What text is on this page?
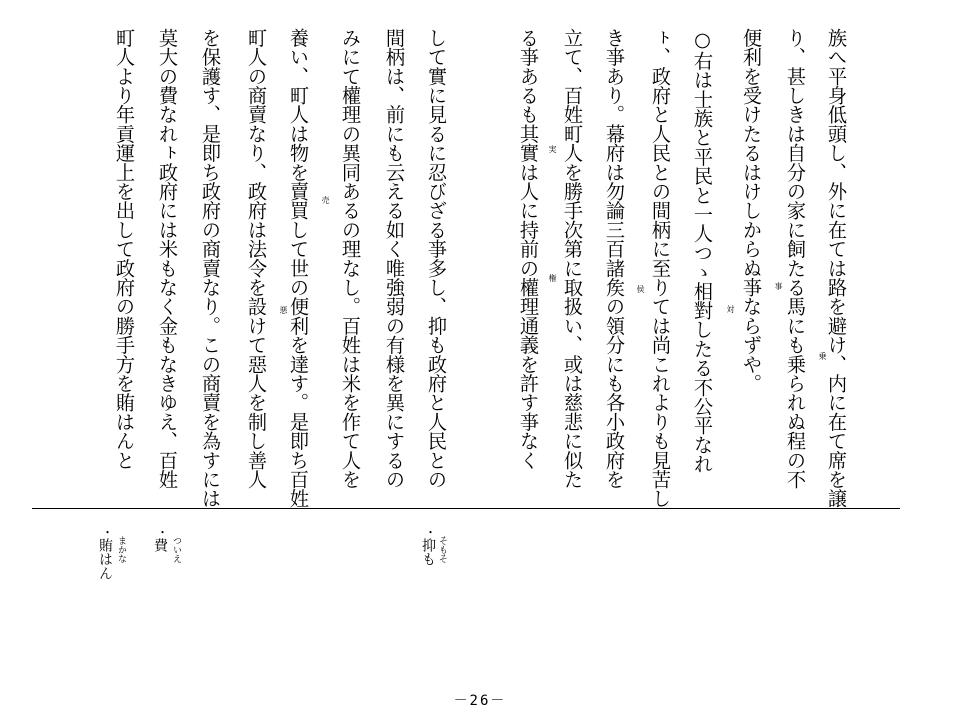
族へ平身低頭し、外に在ては路を避け、内に在て席を譲
り、甚しきは自分の家に飼たる馬にも乗られぬ程の不
便利を受けたるはけしからぬ亊ならずや。
○右は士族と平民と一人つゝ相對したる不公平なれ
ㇳ、政府と人民との間柄に至りては尚これよりも見苦し
き亊あり。幕府は勿論三百諸矦の領分にも各小政府を
立て、百姓町人を勝手次第に取扱い、或は慈悲に似た
る亊あるも其實は人に持前の權理通義を許す亊なく
して實に見るに忍びざる亊多し、抑も政府と人民との
間柄は、前にも云える如く唯強弱の有様を異にするの
みにて權理の異同あるの理なし。百姓は米を作て人を
養い、町人は物を賣買して世の便利を達す。是即ち百姓
町人の商賣なり、政府は法令を設けて惡人を制し善人
を保護す、是即ち政府の商賣なり。この商賣を為すには
莫大の費なれㇳ政府には米もなく金もなきゆえ、百姓
町人より年貢運上を出して政府の勝手方を賄はんと	乗
事
対
侯
実
権
売
悪
・
抑も そもそ
・
費 ついえ
・
賄はん まかな
－26－
